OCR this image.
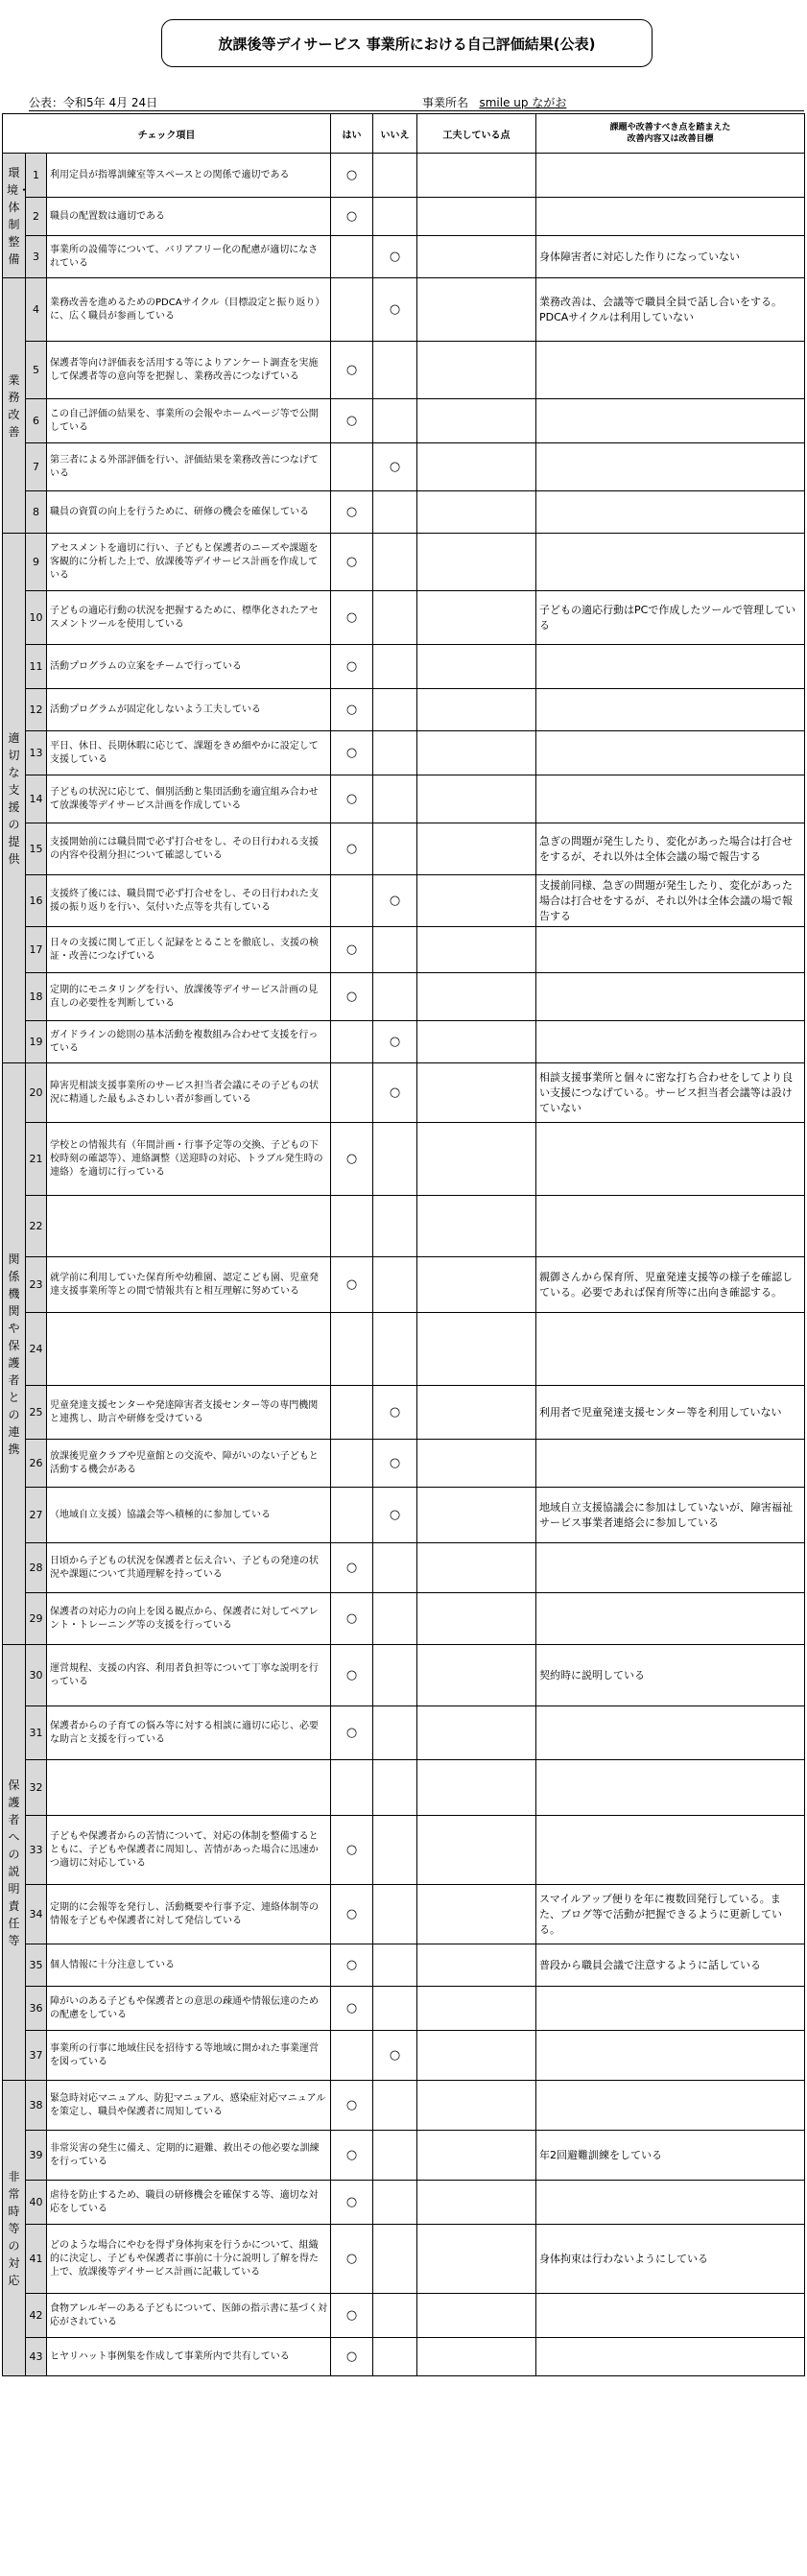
放課後等デイサービス 事業所における自己評価結果(公表)
公表：令和5年 4月 24日	事業所名 smile up ながお
チェック項目			はい	いいえ	工夫している点	課題や改善すべき点を踏まえた
改善内容又は改善目標

環境・体制整備	1	利用定員が指導訓練室等スペースとの関係で適切である	○			
	2	職員の配置数は適切である	○			
	3	事業所の設備等について、バリアフリー化の配慮が適切になされている		○		身体障害者に対応した作りになっていない
業務改善	4	業務改善を進めるためのPDCAサイクル（目標設定と振り返り）に、広く職員が参画している		○		業務改善は、会議等で職員全員で話し合いをする。PDCAサイクルは利用していない
	5	保護者等向け評価表を活用する等によりアンケート調査を実施して保護者等の意向等を把握し、業務改善につなげている	○			
	6	この自己評価の結果を、事業所の会報やホームページ等で公開している	○			
	7	第三者による外部評価を行い、評価結果を業務改善につなげている		○		
	8	職員の資質の向上を行うために、研修の機会を確保している	○			
適切な支援の提供	9	アセスメントを適切に行い、子どもと保護者のニーズや課題を客観的に分析した上で、放課後等デイサービス計画を作成している	○			
	10	子どもの適応行動の状況を把握するために、標準化されたアセスメントツールを使用している	○			子どもの適応行動はPCで作成したツールで管理している
	11	活動プログラムの立案をチームで行っている	○			
	12	活動プログラムが固定化しないよう工夫している	○			
	13	平日、休日、長期休暇に応じて、課題をきめ細やかに設定して支援している	○			
	14	子どもの状況に応じて、個別活動と集団活動を適宜組み合わせて放課後等デイサービス計画を作成している	○			
	15	支援開始前には職員間で必ず打合せをし、その日行われる支援の内容や役割分担について確認している	○			急ぎの問題が発生したり、変化があった場合は打合せをするが、それ以外は全体会議の場で報告する
	16	支援終了後には、職員間で必ず打合せをし、その日行われた支援の振り返りを行い、気付いた点等を共有している		○		支援前同様、急ぎの問題が発生したり、変化があった場合は打合せをするが、それ以外は全体会議の場で報告する
	17	日々の支援に関して正しく記録をとることを徹底し、支援の検証・改善につなげている	○			
	18	定期的にモニタリングを行い、放課後等デイサービス計画の見直しの必要性を判断している	○			
	19	ガイドラインの総則の基本活動を複数組み合わせて支援を行っている		○		
関係機関や保護者との連携	20	障害児相談支援事業所のサービス担当者会議にその子どもの状況に精通した最もふさわしい者が参画している		○		相談支援事業所と個々に密な打ち合わせをしてより良い支援につなげている。サービス担当者会議等は設けていない
	21	学校との情報共有（年間計画・行事予定等の交換、子どもの下校時刻の確認等）、連絡調整（送迎時の対応、トラブル発生時の連絡）を適切に行っている	○			
	22					
	23	就学前に利用していた保育所や幼稚園、認定こども園、児童発達支援事業所等との間で情報共有と相互理解に努めている	○			親御さんから保育所、児童発達支援等の様子を確認している。必要であれば保育所等に出向き確認する。
	24					
	25	児童発達支援センターや発達障害者支援センター等の専門機関と連携し、助言や研修を受けている		○		利用者で児童発達支援センター等を利用していない
	26	放課後児童クラブや児童館との交流や、障がいのない子どもと活動する機会がある		○		
	27	（地域自立支援）協議会等へ積極的に参加している		○		地域自立支援協議会に参加はしていないが、障害福祉サービス事業者連絡会に参加している
	28	日頃から子どもの状況を保護者と伝え合い、子どもの発達の状況や課題について共通理解を持っている	○			
	29	保護者の対応力の向上を図る観点から、保護者に対してペアレント・トレーニング等の支援を行っている	○			
保護者への説明責任等	30	運営規程、支援の内容、利用者負担等について丁寧な説明を行っている	○			契約時に説明している
	31	保護者からの子育ての悩み等に対する相談に適切に応じ、必要な助言と支援を行っている	○			
	32					
	33	子どもや保護者からの苦情について、対応の体制を整備するとともに、子どもや保護者に周知し、苦情があった場合に迅速かつ適切に対応している	○			
	34	定期的に会報等を発行し、活動概要や行事予定、連絡体制等の情報を子どもや保護者に対して発信している	○			スマイルアップ便りを年に複数回発行している。また、ブログ等で活動が把握できるように更新している。
	35	個人情報に十分注意している	○			普段から職員会議で注意するように話している
	36	障がいのある子どもや保護者との意思の疎通や情報伝達のための配慮をしている	○			
	37	事業所の行事に地域住民を招待する等地域に開かれた事業運営を図っている		○		
非常時等の対応	38	緊急時対応マニュアル、防犯マニュアル、感染症対応マニュアルを策定し、職員や保護者に周知している	○			
	39	非常災害の発生に備え、定期的に避難、救出その他必要な訓練を行っている	○			年2回避難訓練をしている
	40	虐待を防止するため、職員の研修機会を確保する等、適切な対応をしている	○			
	41	どのような場合にやむを得ず身体拘束を行うかについて、組織的に決定し、子どもや保護者に事前に十分に説明し了解を得た上で、放課後等デイサービス計画に記載している	○			身体拘束は行わないようにしている
	42	食物アレルギーのある子どもについて、医師の指示書に基づく対応がされている	○			
	43	ヒヤリハット事例集を作成して事業所内で共有している	○			
